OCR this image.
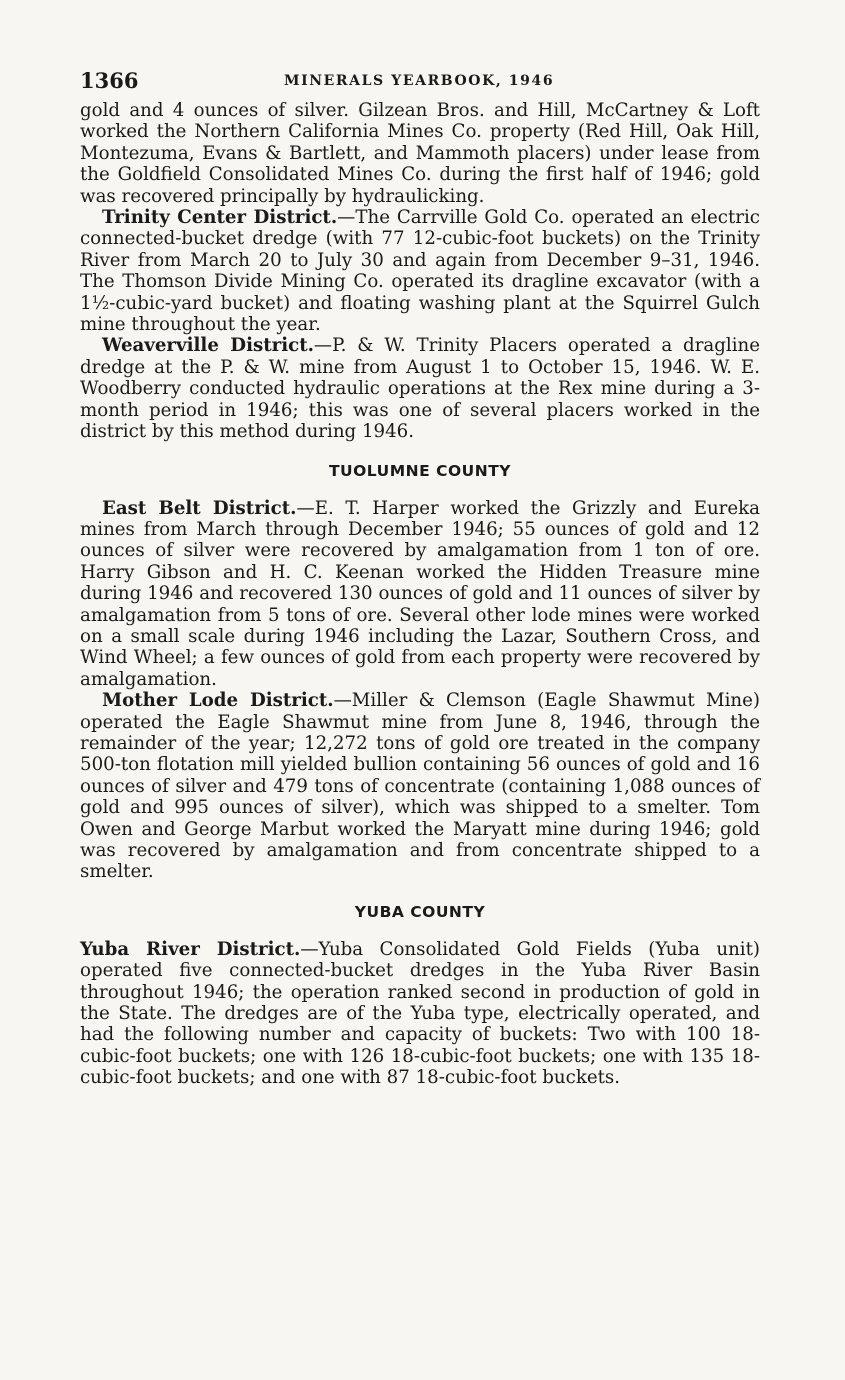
1366	MINERALS YEARBOOK, 1946

gold and 4 ounces of silver. Gilzean Bros. and Hill, McCartney & Loft worked the Northern California Mines Co. property (Red Hill, Oak Hill, Montezuma, Evans & Bartlett, and Mammoth placers) under lease from the Goldfield Consolidated Mines Co. during the first half of 1946; gold was recovered principally by hydraulicking.

Trinity Center District.—The Carrville Gold Co. operated an electric connected-bucket dredge (with 77 12-cubic-foot buckets) on the Trinity River from March 20 to July 30 and again from December 9–31, 1946. The Thomson Divide Mining Co. operated its dragline excavator (with a 1½-cubic-yard bucket) and floating washing plant at the Squirrel Gulch mine throughout the year.

Weaverville District.—P. & W. Trinity Placers operated a dragline dredge at the P. & W. mine from August 1 to October 15, 1946. W. E. Woodberry conducted hydraulic operations at the Rex mine during a 3-month period in 1946; this was one of several placers worked in the district by this method during 1946.

TUOLUMNE COUNTY

East Belt District.—E. T. Harper worked the Grizzly and Eureka mines from March through December 1946; 55 ounces of gold and 12 ounces of silver were recovered by amalgamation from 1 ton of ore. Harry Gibson and H. C. Keenan worked the Hidden Treasure mine during 1946 and recovered 130 ounces of gold and 11 ounces of silver by amalgamation from 5 tons of ore. Several other lode mines were worked on a small scale during 1946 including the Lazar, Southern Cross, and Wind Wheel; a few ounces of gold from each property were recovered by amalgamation.

Mother Lode District.—Miller & Clemson (Eagle Shawmut Mine) operated the Eagle Shawmut mine from June 8, 1946, through the remainder of the year; 12,272 tons of gold ore treated in the company 500-ton flotation mill yielded bullion containing 56 ounces of gold and 16 ounces of silver and 479 tons of concentrate (containing 1,088 ounces of gold and 995 ounces of silver), which was shipped to a smelter. Tom Owen and George Marbut worked the Maryatt mine during 1946; gold was recovered by amalgamation and from concentrate shipped to a smelter.

YUBA COUNTY

Yuba River District.—Yuba Consolidated Gold Fields (Yuba unit) operated five connected-bucket dredges in the Yuba River Basin throughout 1946; the operation ranked second in production of gold in the State. The dredges are of the Yuba type, electrically operated, and had the following number and capacity of buckets: Two with 100 18-cubic-foot buckets; one with 126 18-cubic-foot buckets; one with 135 18-cubic-foot buckets; and one with 87 18-cubic-foot buckets.
